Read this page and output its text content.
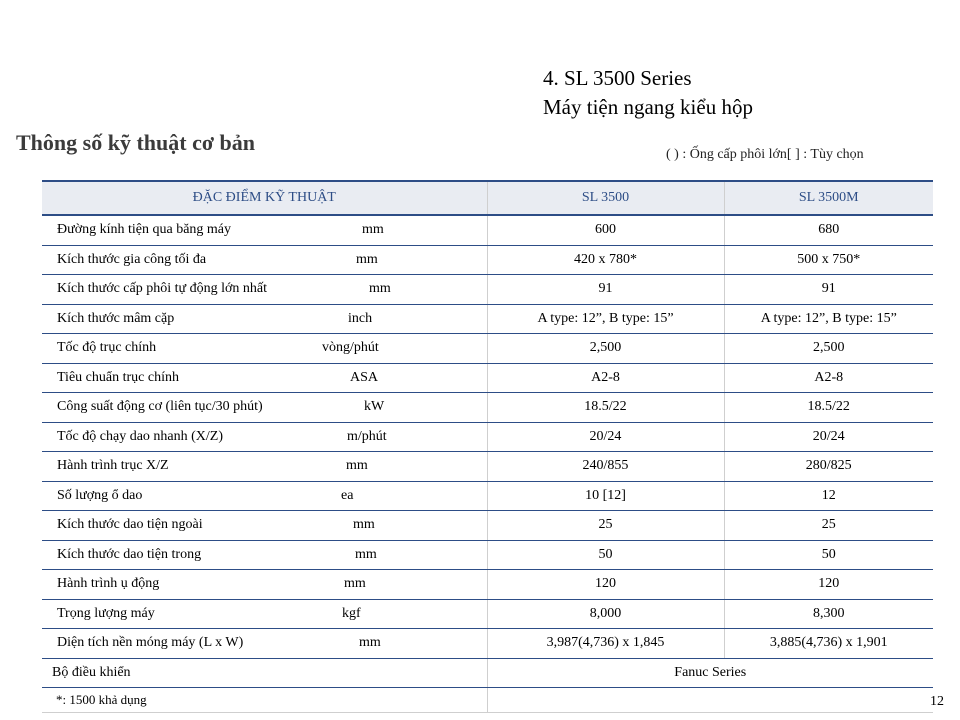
4. SL 3500 Series
Máy tiện ngang kiểu hộp
Thông số kỹ thuật cơ bản	( ) : Ống cấp phôi lớn[ ] : Tùy chọn
ĐẶC ĐIỂM KỸ THUẬT	SL 3500	SL 3500M

Đường kính tiện qua băng máy mm	600	680

Kích thước gia công tối đa mm	420 x 780*	500 x 750*

Kích thước cấp phôi tự động lớn nhất mm	91	91

Kích thước mâm cặp inch	A type: 12”, B type: 15”	A type: 12”, B type: 15”

Tốc độ trục chính vòng/phút	2,500	2,500

Tiêu chuẩn trục chính ASA	A2-8	A2-8

Công suất động cơ (liên tục/30 phút) kW	18.5/22	18.5/22

Tốc độ chạy dao nhanh (X/Z) m/phút	20/24	20/24

Hành trình trục X/Z mm	240/855	280/825

Số lượng ổ dao ea	10 [12]	12

Kích thước dao tiện ngoài mm	25	25

Kích thước dao tiện trong mm	50	50

Hành trình ụ động mm	120	120

Trọng lượng máy kgf	8,000	8,300

Diện tích nền móng máy (L x W) mm	3,987(4,736) x 1,845	3,885(4,736) x 1,901
Bộ điều khiển	Fanuc Series	
*: 1500 khả dụng			12
